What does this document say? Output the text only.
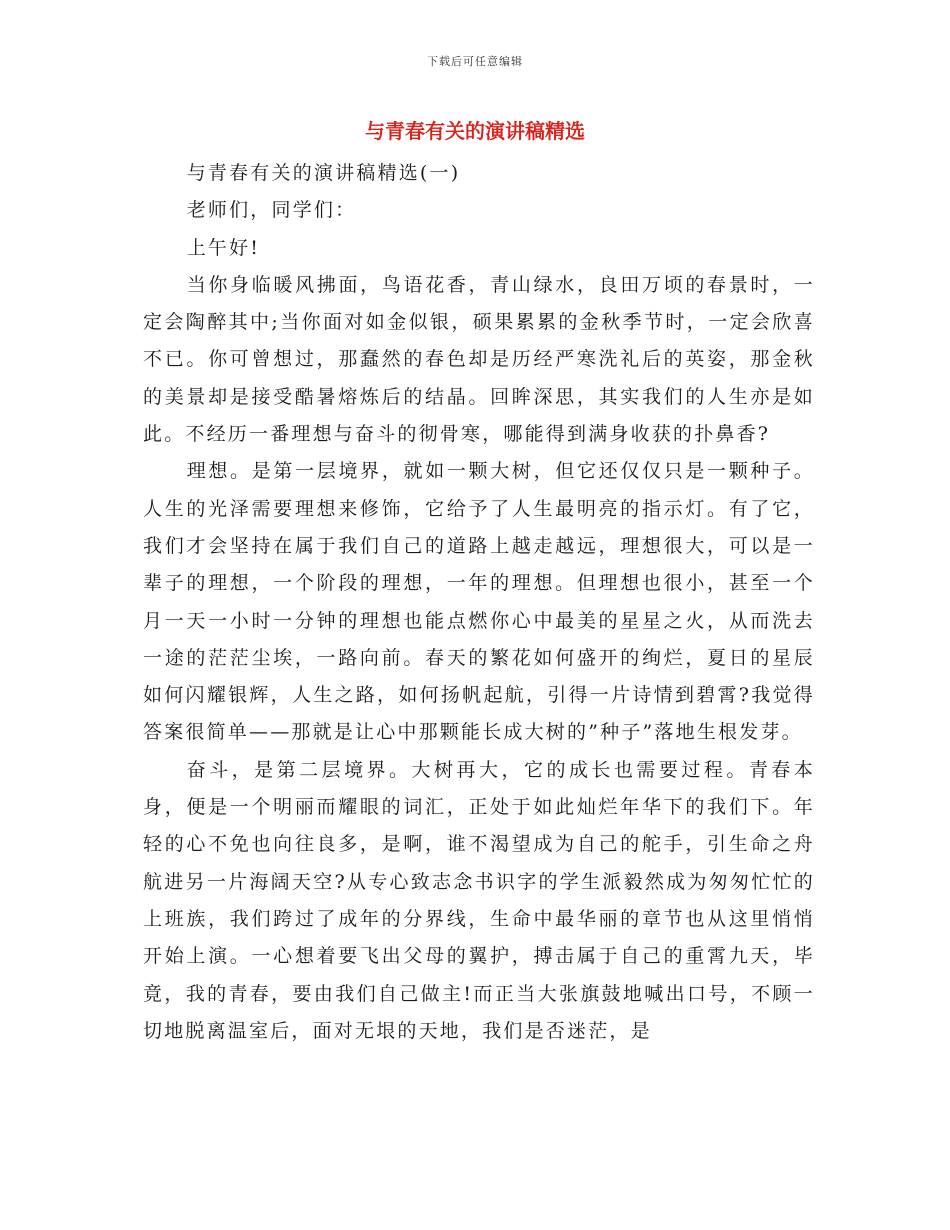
下载后可任意编辑
与青春有关的演讲稿精选

与青春有关的演讲稿精选(一)

老师们，同学们：

上午好!

当你身临暖风拂面，鸟语花香，青山绿水，良田万顷的春景时，一定会陶醉其中;当你面对如金似银，硕果累累的金秋季节时，一定会欣喜不已。你可曾想过，那蠢然的春色却是历经严寒洗礼后的英姿，那金秋的美景却是接受酷暑熔炼后的结晶。回眸深思，其实我们的人生亦是如此。不经历一番理想与奋斗的彻骨寒，哪能得到满身收获的扑鼻香?

理想。是第一层境界，就如一颗大树，但它还仅仅只是一颗种子。人生的光泽需要理想来修饰，它给予了人生最明亮的指示灯。有了它，我们才会坚持在属于我们自己的道路上越走越远，理想很大，可以是一辈子的理想，一个阶段的理想，一年的理想。但理想也很小，甚至一个月一天一小时一分钟的理想也能点燃你心中最美的星星之火，从而洗去一途的茫茫尘埃，一路向前。春天的繁花如何盛开的绚烂，夏日的星辰如何闪耀银辉，人生之路，如何扬帆起航，引得一片诗情到碧霄?我觉得答案很简单——那就是让心中那颗能长成大树的”种子”落地生根发芽。

奋斗，是第二层境界。大树再大，它的成长也需要过程。青春本身，便是一个明丽而耀眼的词汇，正处于如此灿烂年华下的我们下。年轻的心不免也向往良多，是啊，谁不渴望成为自己的舵手，引生命之舟航进另一片海阔天空?从专心致志念书识字的学生派毅然成为匆匆忙忙的上班族，我们跨过了成年的分界线，生命中最华丽的章节也从这里悄悄开始上演。一心想着要飞出父母的翼护，搏击属于自己的重霄九天，毕竟，我的青春，要由我们自己做主!而正当大张旗鼓地喊出口号，不顾一切地脱离温室后，面对无垠的天地，我们是否迷茫，是
